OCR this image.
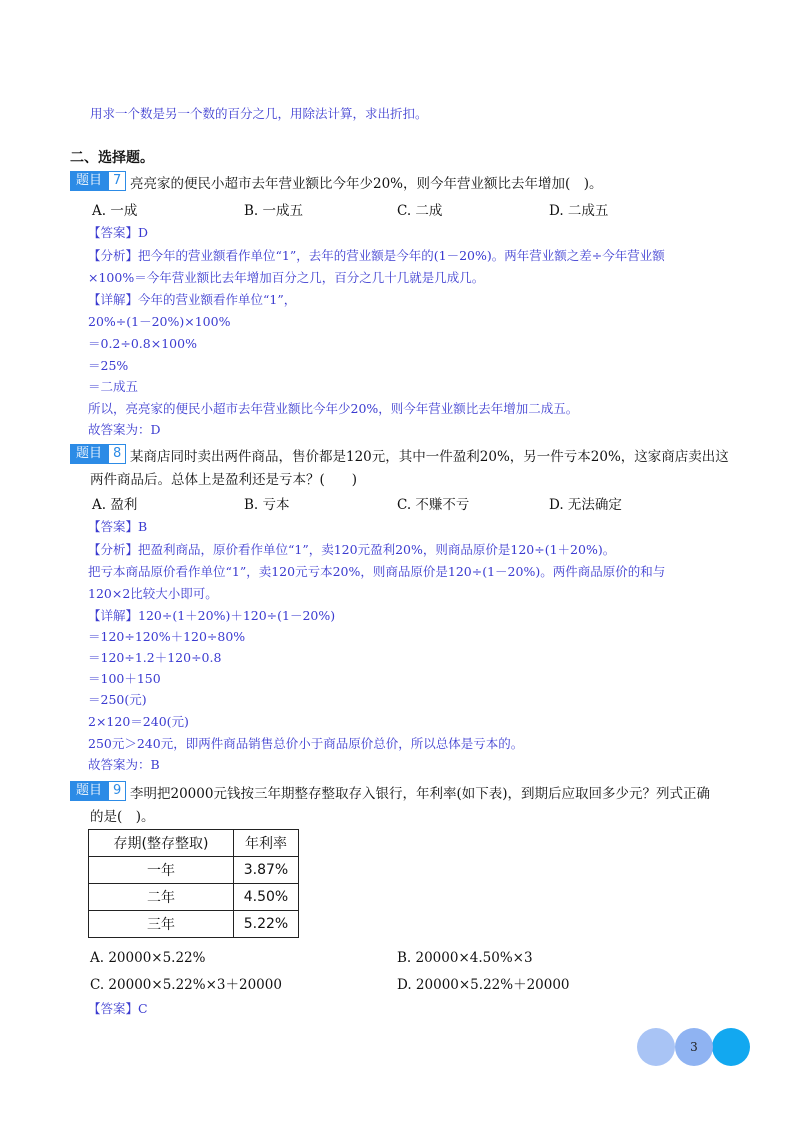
用求一个数是另一个数的百分之几，用除法计算，求出折扣。
二、选择题。
题目 7 亮亮家的便民小超市去年营业额比今年少20%，则今年营业额比去年增加(　)。
A. 一成	B. 一成五	C. 二成	D. 二成五
【答案】D
【分析】把今年的营业额看作单位“1”，去年的营业额是今年的(1－20%)。两年营业额之差÷今年营业额
×100%＝今年营业额比去年增加百分之几，百分之几十几就是几成几。
【详解】今年的营业额看作单位“1”，
20%÷(1－20%)×100%
＝0.2÷0.8×100%
＝25%
＝二成五
所以，亮亮家的便民小超市去年营业额比今年少20%，则今年营业额比去年增加二成五。
故答案为：D
题目 8 某商店同时卖出两件商品，售价都是120元，其中一件盈利20%，另一件亏本20%，这家商店卖出这
两件商品后。总体上是盈利还是亏本？(　　)
A. 盈利	B. 亏本	C. 不赚不亏	D. 无法确定
【答案】B
【分析】把盈利商品，原价看作单位“1”，卖120元盈利20%，则商品原价是120÷(1＋20%)。
把亏本商品原价看作单位“1”，卖120元亏本20%，则商品原价是120÷(1－20%)。两件商品原价的和与
120×2比较大小即可。
【详解】120÷(1＋20%)＋120÷(1－20%)
＝120÷120%＋120÷80%
＝120÷1.2＋120÷0.8
＝100＋150
＝250(元)
2×120＝240(元)
250元＞240元，即两件商品销售总价小于商品原价总价，所以总体是亏本的。
故答案为：B
题目 9 李明把20000元钱按三年期整存整取存入银行，年利率(如下表)，到期后应取回多少元？列式正确
的是(　)。
存期(整存整取)	年利率
一年	3.87%
二年	4.50%
三年	5.22%
A. 20000×5.22%	B. 20000×4.50%×3
C. 20000×5.22%×3＋20000	D. 20000×5.22%＋20000
【答案】C
3
